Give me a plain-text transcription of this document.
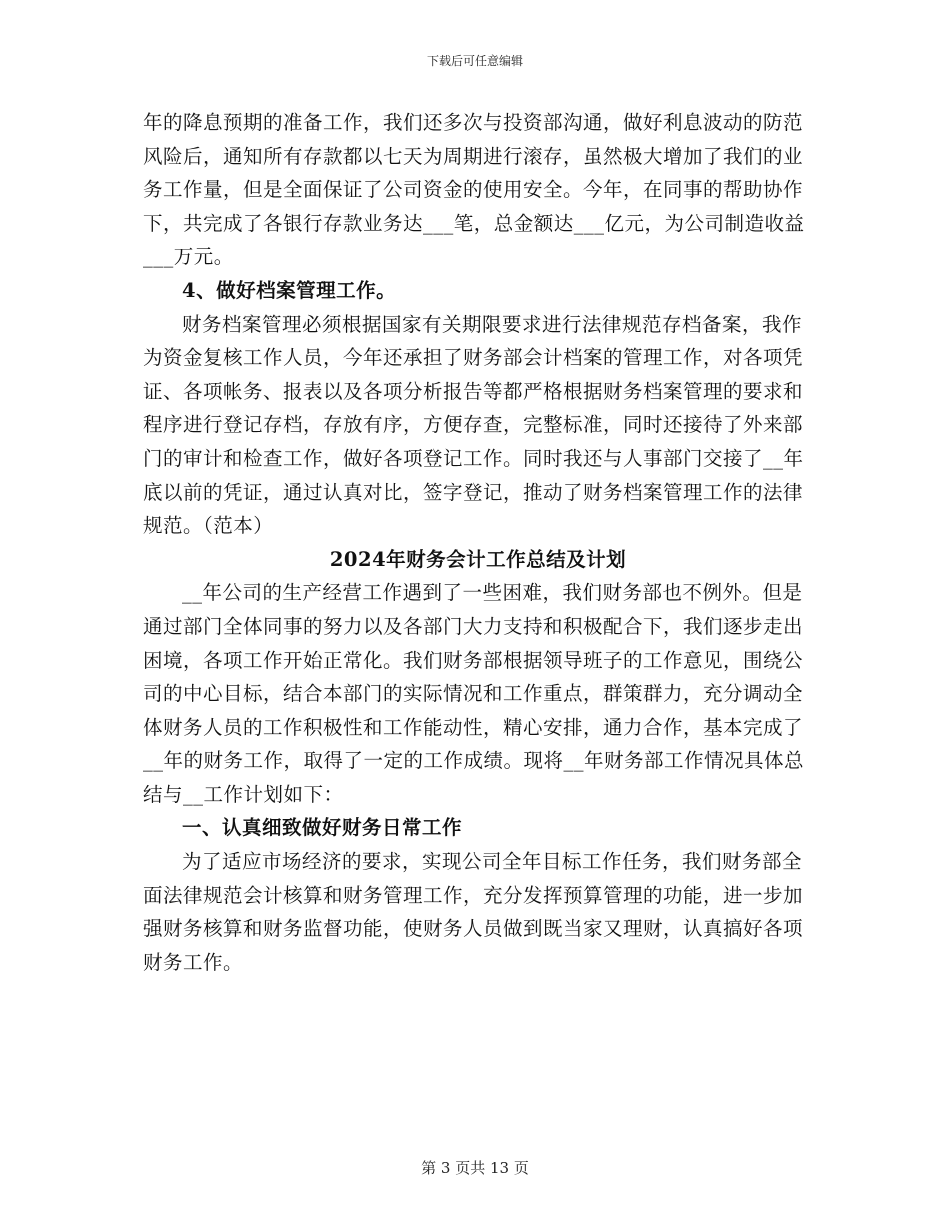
下载后可任意编辑

年的降息预期的准备工作，我们还多次与投资部沟通，做好利息波动的防范风险后，通知所有存款都以七天为周期进行滚存，虽然极大增加了我们的业务工作量，但是全面保证了公司资金的使用安全。今年，在同事的帮助协作下，共完成了各银行存款业务达___笔，总金额达___亿元，为公司制造收益___万元。

4、做好档案管理工作。

财务档案管理必须根据国家有关期限要求进行法律规范存档备案，我作为资金复核工作人员，今年还承担了财务部会计档案的管理工作，对各项凭证、各项帐务、报表以及各项分析报告等都严格根据财务档案管理的要求和程序进行登记存档，存放有序，方便存查，完整标准，同时还接待了外来部门的审计和检查工作，做好各项登记工作。同时我还与人事部门交接了__年底以前的凭证，通过认真对比，签字登记，推动了财务档案管理工作的法律规范。（范本）

2024年财务会计工作总结及计划

__年公司的生产经营工作遇到了一些困难，我们财务部也不例外。但是通过部门全体同事的努力以及各部门大力支持和积极配合下，我们逐步走出困境，各项工作开始正常化。我们财务部根据领导班子的工作意见，围绕公司的中心目标，结合本部门的实际情况和工作重点，群策群力，充分调动全体财务人员的工作积极性和工作能动性，精心安排，通力合作，基本完成了__年的财务工作，取得了一定的工作成绩。现将__年财务部工作情况具体总结与__工作计划如下：

一、认真细致做好财务日常工作

为了适应市场经济的要求，实现公司全年目标工作任务，我们财务部全面法律规范会计核算和财务管理工作，充分发挥预算管理的功能，进一步加强财务核算和财务监督功能，使财务人员做到既当家又理财，认真搞好各项财务工作。

第 3 页共 13 页
